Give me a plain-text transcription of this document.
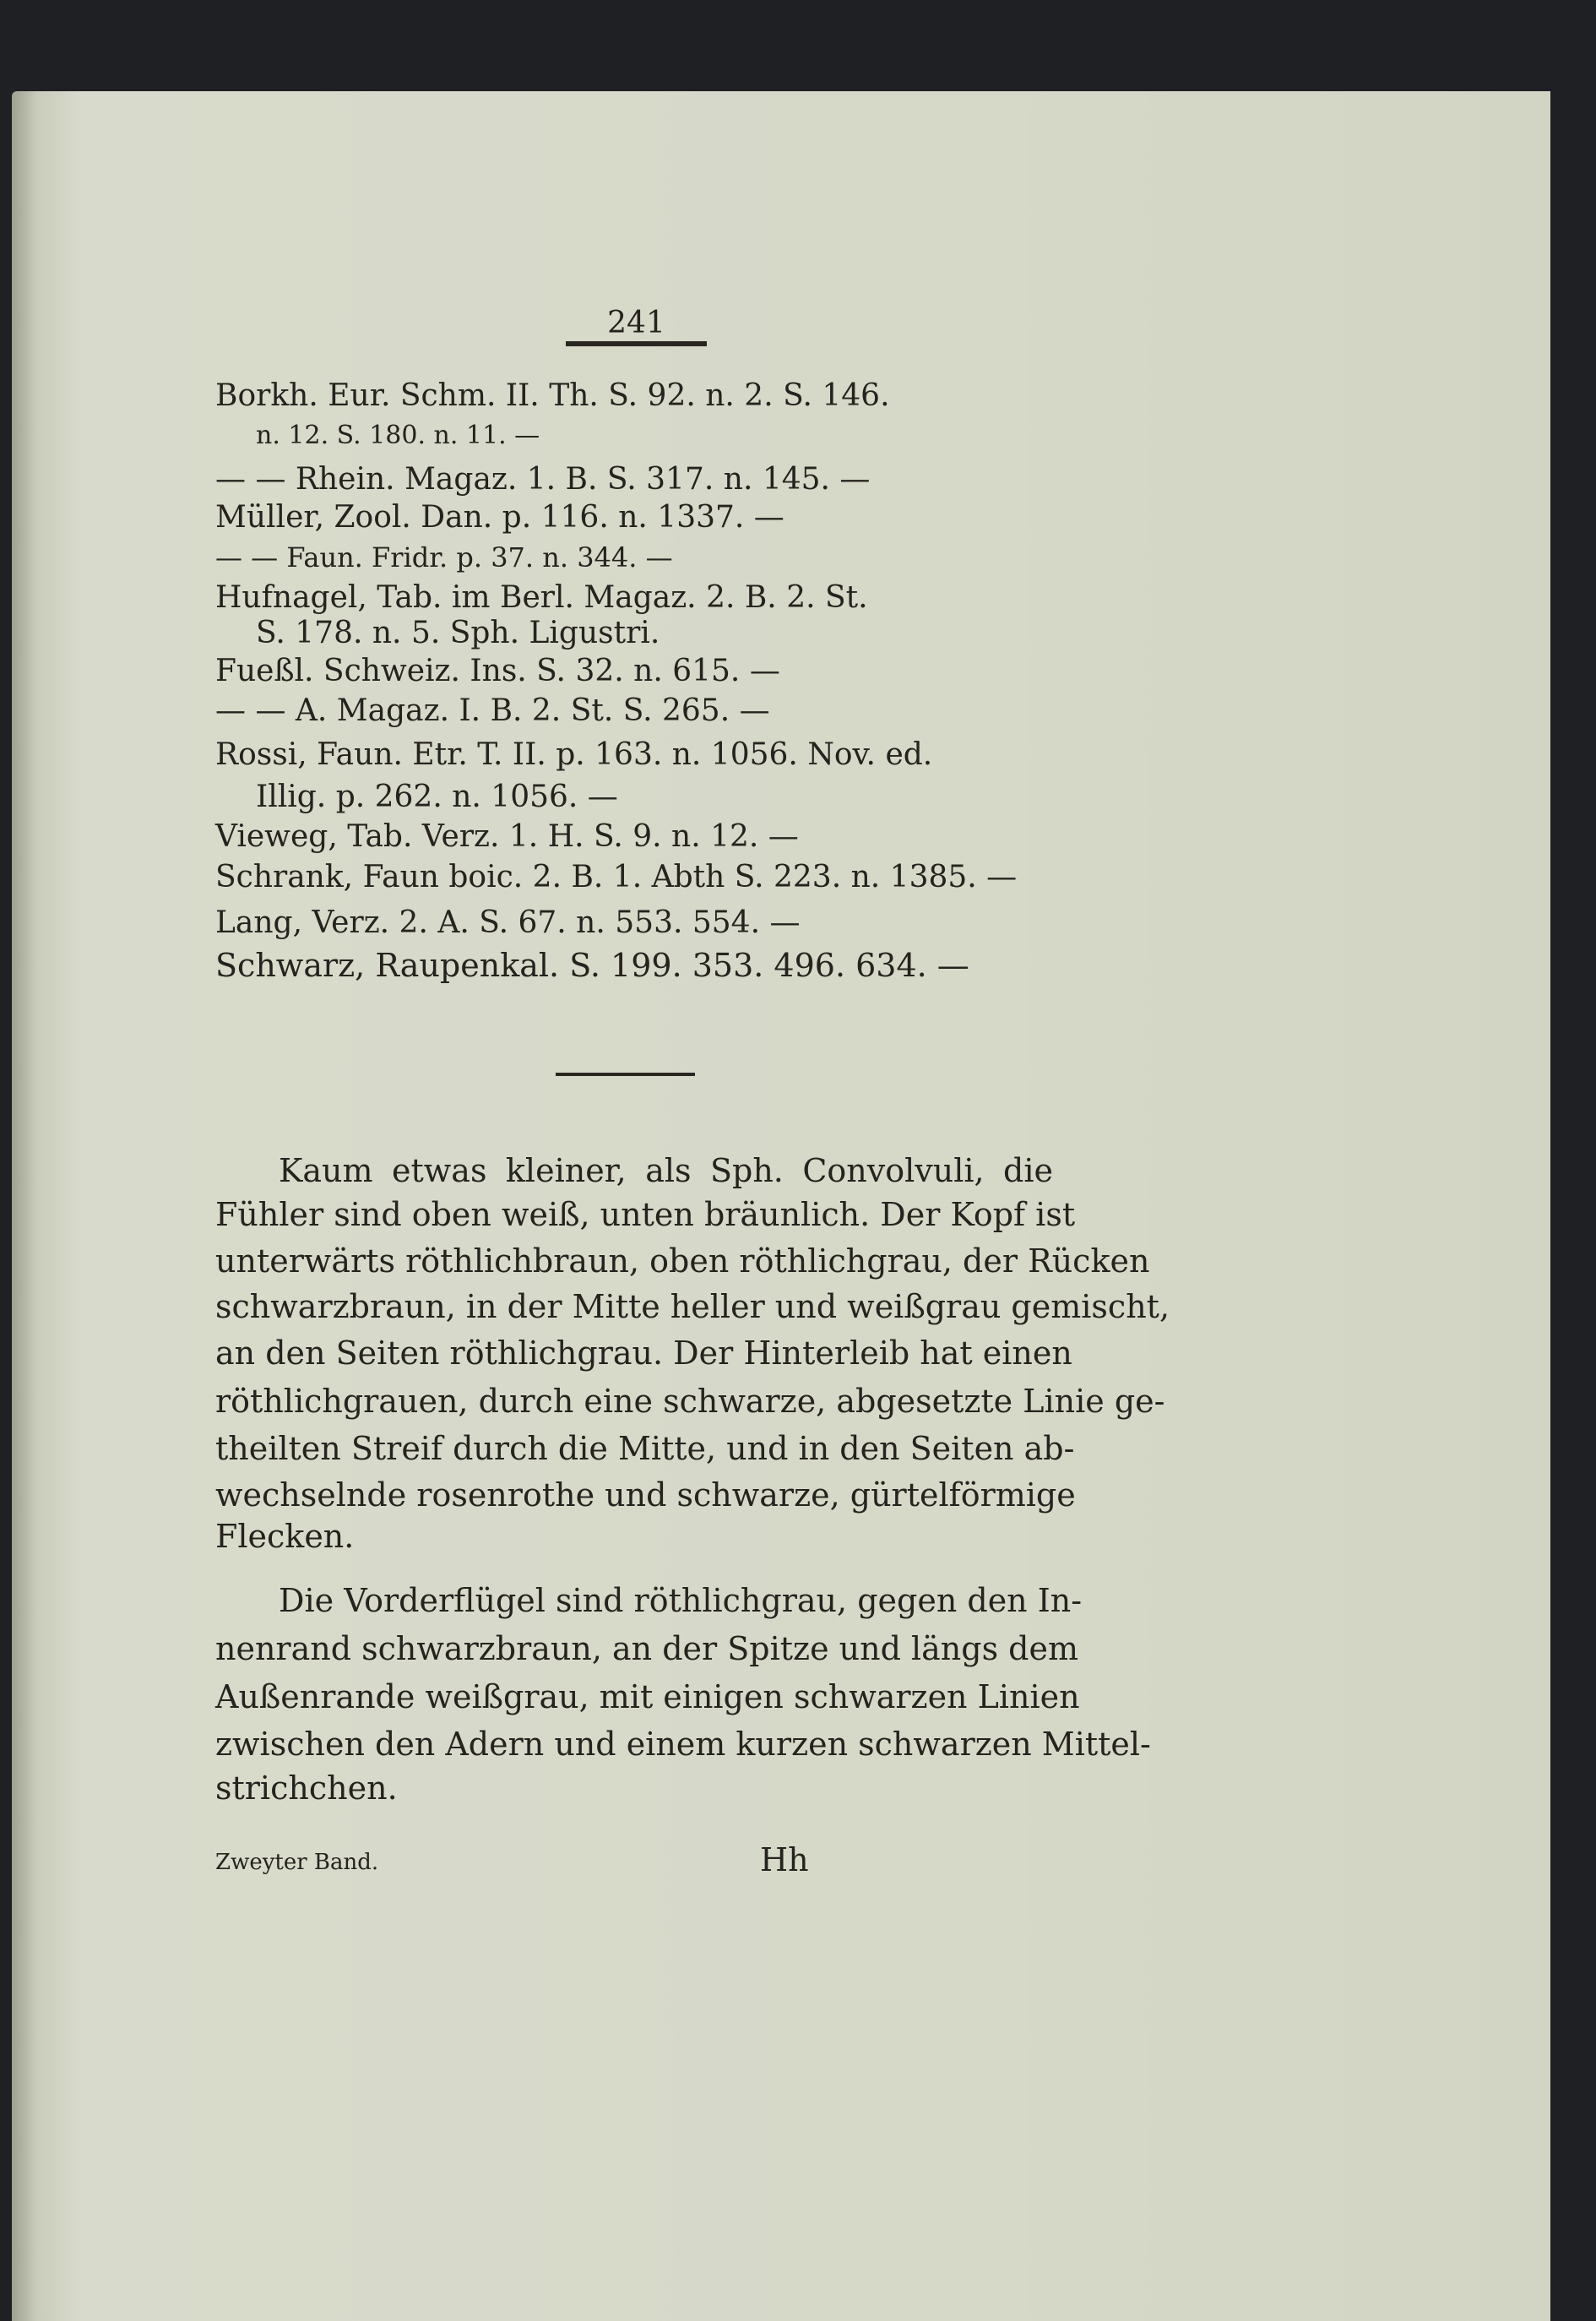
241
Borkh. Eur. Schm. II. Th. S. 92. n. 2. S. 146.
n. 12. S. 180. n. 11. —
— — Rhein. Magaz. 1. B. S. 317. n. 145. —
Müller, Zool. Dan. p. 116. n. 1337. —
— — Faun. Fridr. p. 37. n. 344. —
Hufnagel, Tab. im Berl. Magaz. 2. B. 2. St.
S. 178. n. 5. Sph. Ligustri.
Fueßl. Schweiz. Ins. S. 32. n. 615. —
— — A. Magaz. I. B. 2. St. S. 265. —
Rossi, Faun. Etr. T. II. p. 163. n. 1056. Nov. ed.
Illig. p. 262. n. 1056. —
Vieweg, Tab. Verz. 1. H. S. 9. n. 12. —
Schrank, Faun boic. 2. B. 1. Abth S. 223. n. 1385. —
Lang, Verz. 2. A. S. 67. n. 553. 554. —
Schwarz, Raupenkal. S. 199. 353. 496. 634. —
Kaum etwas kleiner, als Sph. Convolvuli, die
Fühler sind oben weiß, unten bräunlich. Der Kopf ist
unterwärts röthlichbraun, oben röthlichgrau, der Rücken
schwarzbraun, in der Mitte heller und weißgrau gemischt,
an den Seiten röthlichgrau. Der Hinterleib hat einen
röthlichgrauen, durch eine schwarze, abgesetzte Linie ge-
theilten Streif durch die Mitte, und in den Seiten ab-
wechselnde rosenrothe und schwarze, gürtelförmige
Flecken.
Die Vorderflügel sind röthlichgrau, gegen den In-
nenrand schwarzbraun, an der Spitze und längs dem
Außenrande weißgrau, mit einigen schwarzen Linien
zwischen den Adern und einem kurzen schwarzen Mittel-
strichchen.
Zweyter Band.	Hh
